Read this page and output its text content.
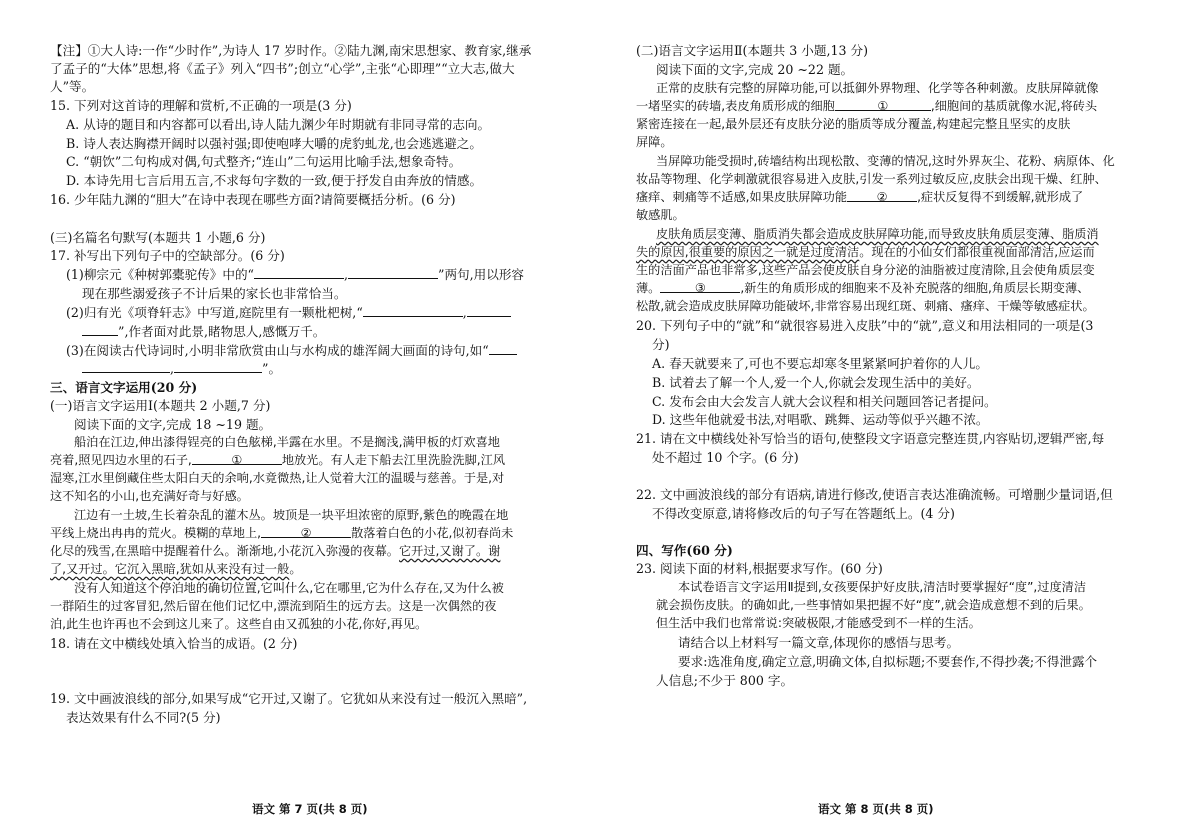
【注】①大人诗:一作“少时作”,为诗人 17 岁时作。②陆九渊,南宋思想家、教育家,继承
了孟子的“大体”思想,将《孟子》列入“四书”;创立“心学”,主张“心即理”“立大志,做大
人”等。
15. 下列对这首诗的理解和赏析,不正确的一项是(3 分)
A. 从诗的题目和内容都可以看出,诗人陆九渊少年时期就有非同寻常的志向。
B. 诗人表达胸襟开阔时以强衬强;即使咆哮大嚼的虎豹虬龙,也会逃逃避之。
C. “朝饮”二句构成对偶,句式整齐;“连山”二句运用比喻手法,想象奇特。
D. 本诗先用七言后用五言,不求每句字数的一致,便于抒发自由奔放的情感。
16. 少年陆九渊的“胆大”在诗中表现在哪些方面?请简要概括分析。(6 分)
(三)名篇名句默写(本题共 1 小题,6 分)
17. 补写出下列句子中的空缺部分。(6 分)
(1)柳宗元《种树郭橐驼传》中的“	,	”两句,用以形容
现在那些溺爱孩子不计后果的家长也非常恰当。
(2)归有光《项脊轩志》中写道,庭院里有一颗枇杷树,“	,
”,作者面对此景,睹物思人,感慨万千。
(3)在阅读古代诗词时,小明非常欣赏由山与水构成的雄浑阔大画面的诗句,如“
,	”。
三、语言文字运用(20 分)
(一)语言文字运用Ⅰ(本题共 2 小题,7 分)
阅读下面的文字,完成 18 ~19 题。
船泊在江边,伸出漆得锃亮的白色舷梯,半露在水里。不是搁浅,满甲板的灯欢喜地
亮着,照见四边水里的石子,	①	地放光。有人走下船去江里洗脸洗脚,江风
湿寒,江水里倒藏住些太阳白天的余响,水竟微热,让人觉着大江的温暖与慈善。于是,对
这不知名的小山,也充满好奇与好感。
江边有一土坡,生长着杂乱的灌木丛。坡顶是一块平坦浓密的原野,紫色的晚霞在地
平线上烧出冉冉的荒火。模糊的草地上,	②	散落着白色的小花,似初春尚未
化尽的残雪,在黑暗中提醒着什么。渐渐地,小花沉入弥漫的夜幕。它开过,又谢了。谢
了,又开过。它沉入黑暗,犹如从来没有过一般。
没有人知道这个停泊地的确切位置,它叫什么,它在哪里,它为什么存在,又为什么被
一群陌生的过客冒犯,然后留在他们记忆中,漂流到陌生的远方去。这是一次偶然的夜
泊,此生也许再也不会到这儿来了。这些自由又孤独的小花,你好,再见。
18. 请在文中横线处填入恰当的成语。(2 分)
19. 文中画波浪线的部分,如果写成“它开过,又谢了。它犹如从来没有过一般沉入黑暗”,
表达效果有什么不同?(5 分)
语文 第 7 页(共 8 页)
(二)语言文字运用Ⅱ(本题共 3 小题,13 分)
阅读下面的文字,完成 20 ~22 题。
正常的皮肤有完整的屏障功能,可以抵御外界物理、化学等各种刺激。皮肤屏障就像
一堵坚实的砖墙,表皮角质形成的细胞	①	,细胞间的基质就像水泥,将砖头
紧密连接在一起,最外层还有皮肤分泌的脂质等成分覆盖,构建起完整且坚实的皮肤
屏障。
当屏障功能受损时,砖墙结构出现松散、变薄的情况,这时外界灰尘、花粉、病原体、化
妆品等物理、化学刺激就很容易进入皮肤,引发一系列过敏反应,皮肤会出现干燥、红肿、
瘙痒、刺痛等不适感,如果皮肤屏障功能 ② ,症状反复得不到缓解,就形成了
敏感肌。
皮肤角质层变薄、脂质消失都会造成皮肤屏障功能,而导致皮肤角质层变薄、脂质消
失的原因,很重要的原因之一就是过度清洁。现在的小仙女们都很重视面部清洁,应运而
生的洁面产品也非常多,这些产品会使皮肤自身分泌的油脂被过度清除,且会使角质层变
薄。	③	,新生的角质形成的细胞来不及补充脱落的细胞,角质层长期变薄、
松散,就会造成皮肤屏障功能破坏,非常容易出现红斑、刺痛、瘙痒、干燥等敏感症状。
20. 下列句子中的“就”和“就很容易进入皮肤”中的“就”,意义和用法相同的一项是(3
分)
A. 春天就要来了,可也不要忘却寒冬里紧紧呵护着你的人儿。
B. 试着去了解一个人,爱一个人,你就会发现生活中的美好。
C. 发布会由大会发言人就大会议程和相关问题回答记者提问。
D. 这些年他就爱书法,对唱歌、跳舞、运动等似乎兴趣不浓。
21. 请在文中横线处补写恰当的语句,使整段文字语意完整连贯,内容贴切,逻辑严密,每
处不超过 10 个字。(6 分)
22. 文中画波浪线的部分有语病,请进行修改,使语言表达准确流畅。可增删少量词语,但
不得改变原意,请将修改后的句子写在答题纸上。(4 分)
四、写作(60 分)
23. 阅读下面的材料,根据要求写作。(60 分)
本试卷语言文字运用Ⅱ提到,女孩要保护好皮肤,清洁时要掌握好“度”,过度清洁
就会损伤皮肤。的确如此,一些事情如果把握不好“度”,就会造成意想不到的后果。
但生活中我们也常常说:突破极限,才能感受到不一样的生活。
请结合以上材料写一篇文章,体现你的感悟与思考。
要求:选准角度,确定立意,明确文体,自拟标题;不要套作,不得抄袭;不得泄露个
人信息;不少于 800 字。
语文 第 8 页(共 8 页)
